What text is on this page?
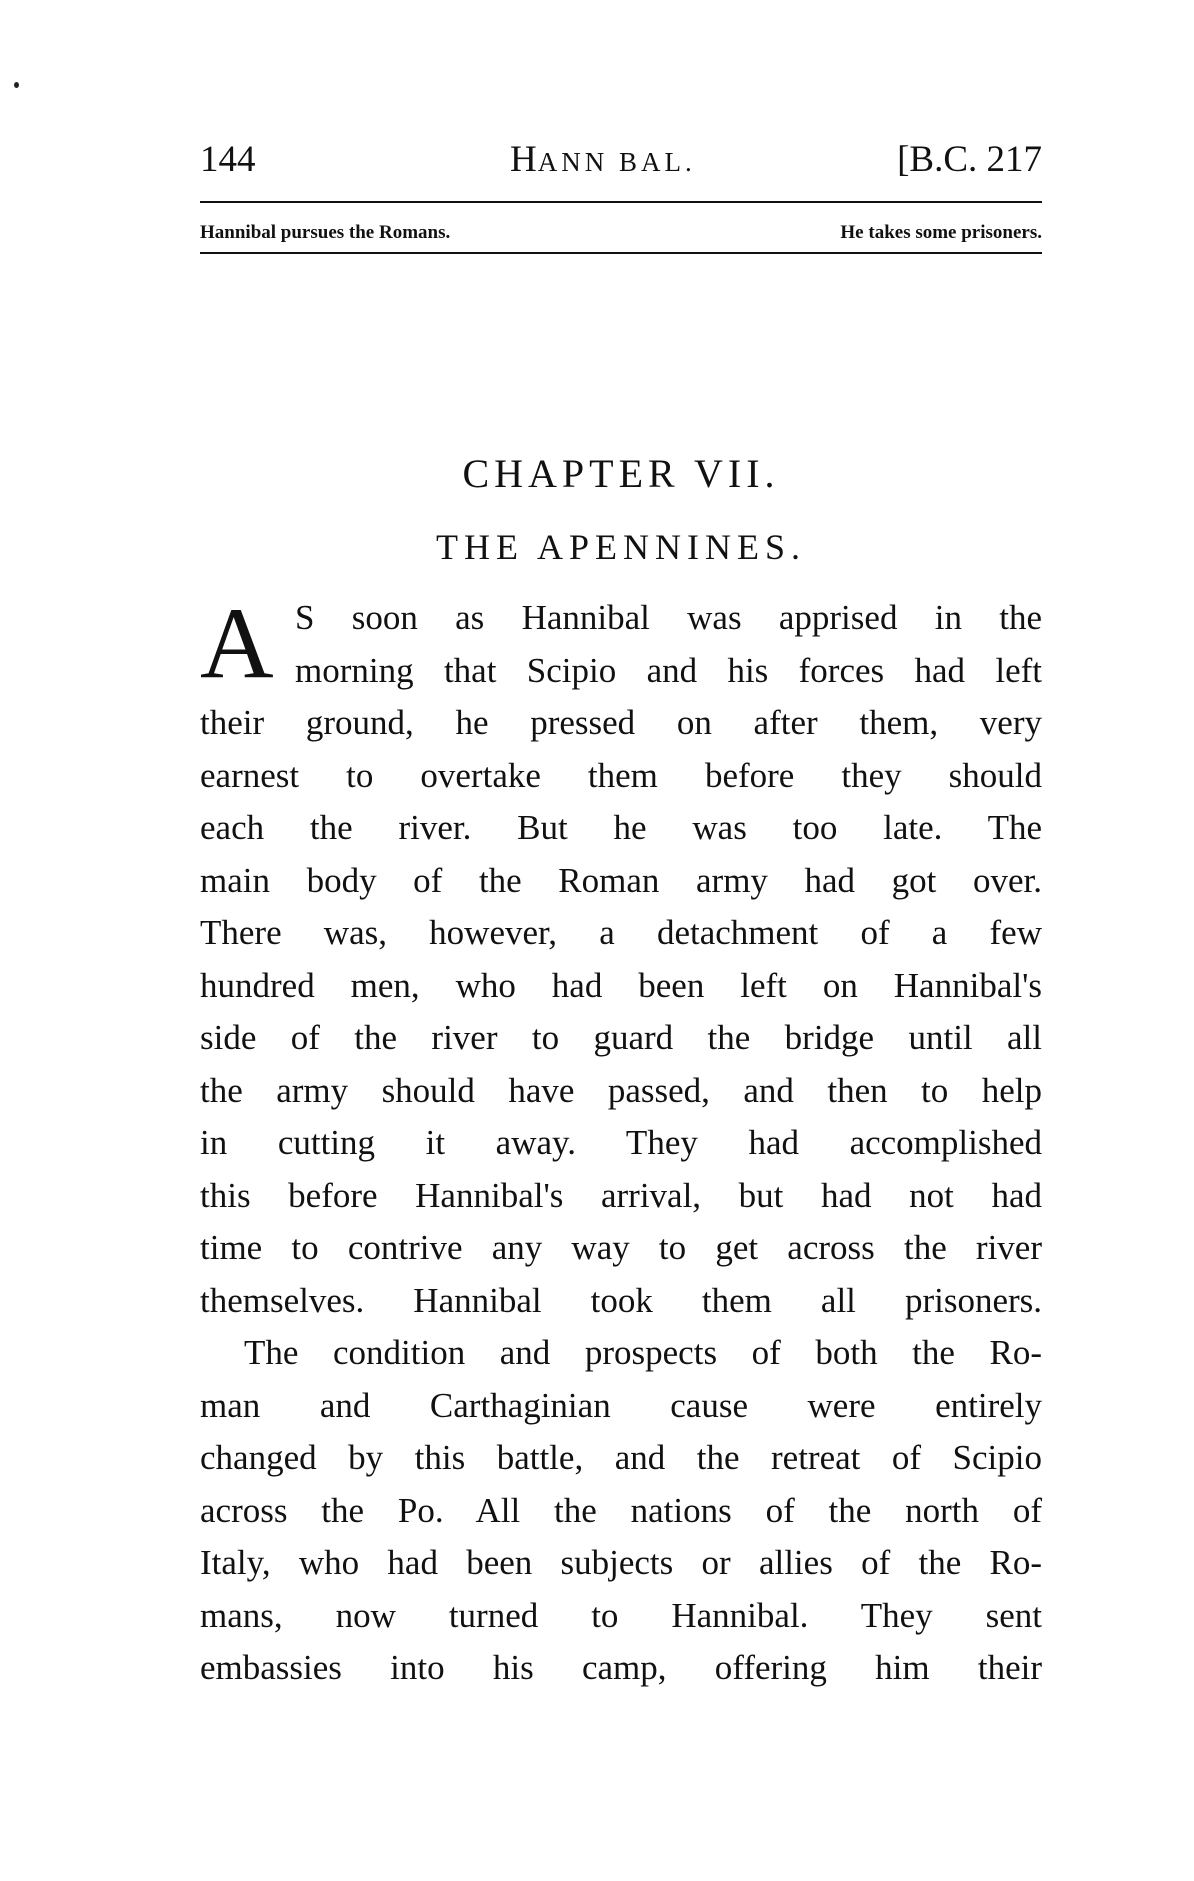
144	HANN BAL.	[B.C. 217
Hannibal pursues the Romans.	He takes some prisoners.
CHAPTER VII.
THE APENNINES.
A S soon as Hannibal was apprised in the
morning that Scipio and his forces had left
their ground, he pressed on after them, very
earnest to overtake them before they should
each the river. But he was too late. The
main body of the Roman army had got over.
There was, however, a detachment of a few
hundred men, who had been left on Hannibal's
side of the river to guard the bridge until all
the army should have passed, and then to help
in cutting it away. They had accomplished
this before Hannibal's arrival, but had not had
time to contrive any way to get across the river
themselves. Hannibal took them all prisoners.
The condition and prospects of both the Ro-
man and Carthaginian cause were entirely
changed by this battle, and the retreat of Scipio
across the Po. All the nations of the north of
Italy, who had been subjects or allies of the Ro-
mans, now turned to Hannibal. They sent
embassies into his camp, offering him their
